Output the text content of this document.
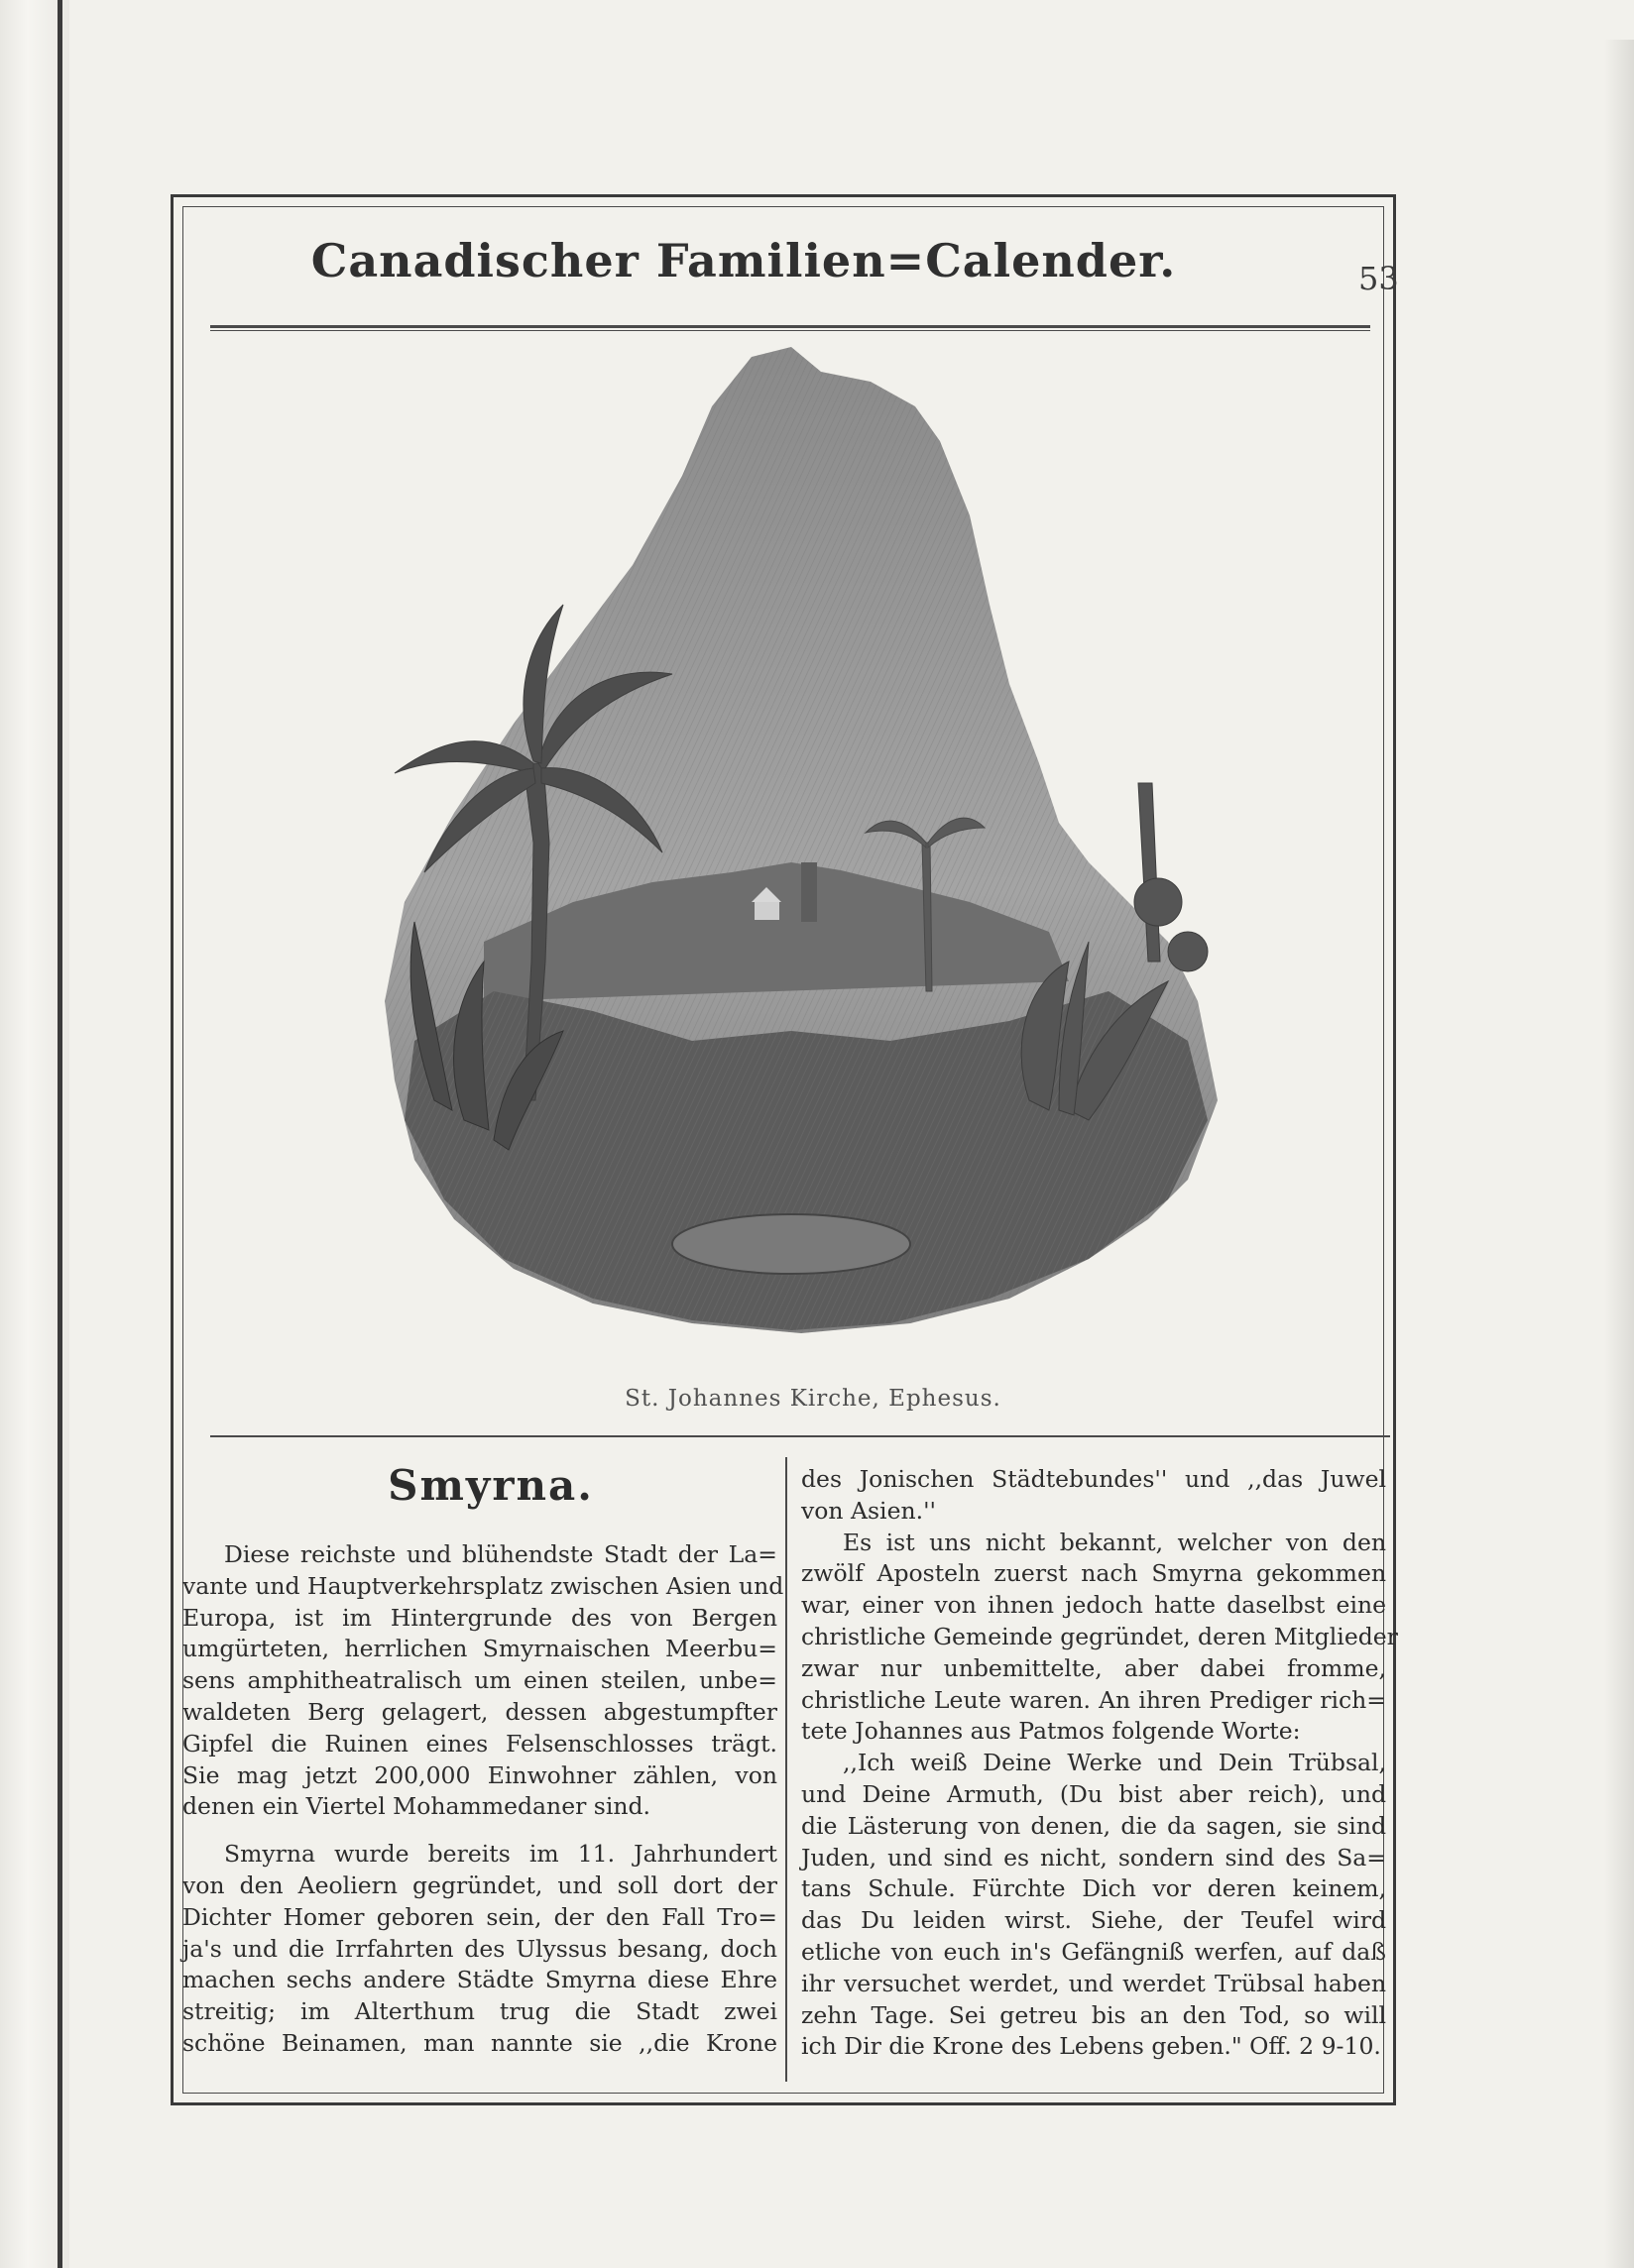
Canadischer Familien=Calender.	53
St. Johannes Kirche, Ephesus.
Smyrna.
Diese reichste und blühendste Stadt der La=
vante und Hauptverkehrsplatz zwischen Asien und
Europa, ist im Hintergrunde des von Bergen
umgürteten, herrlichen Smyrnaischen Meerbu=
sens amphitheatralisch um einen steilen, unbe=
waldeten Berg gelagert, dessen abgestumpfter
Gipfel die Ruinen eines Felsenschlosses trägt.
Sie mag jetzt 200,000 Einwohner zählen, von
denen ein Viertel Mohammedaner sind.
Smyrna wurde bereits im 11. Jahrhundert
von den Aeoliern gegründet, und soll dort der
Dichter Homer geboren sein, der den Fall Tro=
ja's und die Irrfahrten des Ulyssus besang, doch
machen sechs andere Städte Smyrna diese Ehre
streitig; im Alterthum trug die Stadt zwei
schöne Beinamen, man nannte sie ,,die Krone
des Jonischen Städtebundes'' und ,,das Juwel
von Asien.''
Es ist uns nicht bekannt, welcher von den
zwölf Aposteln zuerst nach Smyrna gekommen
war, einer von ihnen jedoch hatte daselbst eine
christliche Gemeinde gegründet, deren Mitglieder
zwar nur unbemittelte, aber dabei fromme,
christliche Leute waren. An ihren Prediger rich=
tete Johannes aus Patmos folgende Worte:
,,Ich weiß Deine Werke und Dein Trübsal,
und Deine Armuth, (Du bist aber reich), und
die Lästerung von denen, die da sagen, sie sind
Juden, und sind es nicht, sondern sind des Sa=
tans Schule. Fürchte Dich vor deren keinem,
das Du leiden wirst. Siehe, der Teufel wird
etliche von euch in's Gefängniß werfen, auf daß
ihr versuchet werdet, und werdet Trübsal haben
zehn Tage. Sei getreu bis an den Tod, so will
ich Dir die Krone des Lebens geben." Off. 2 9-10.
